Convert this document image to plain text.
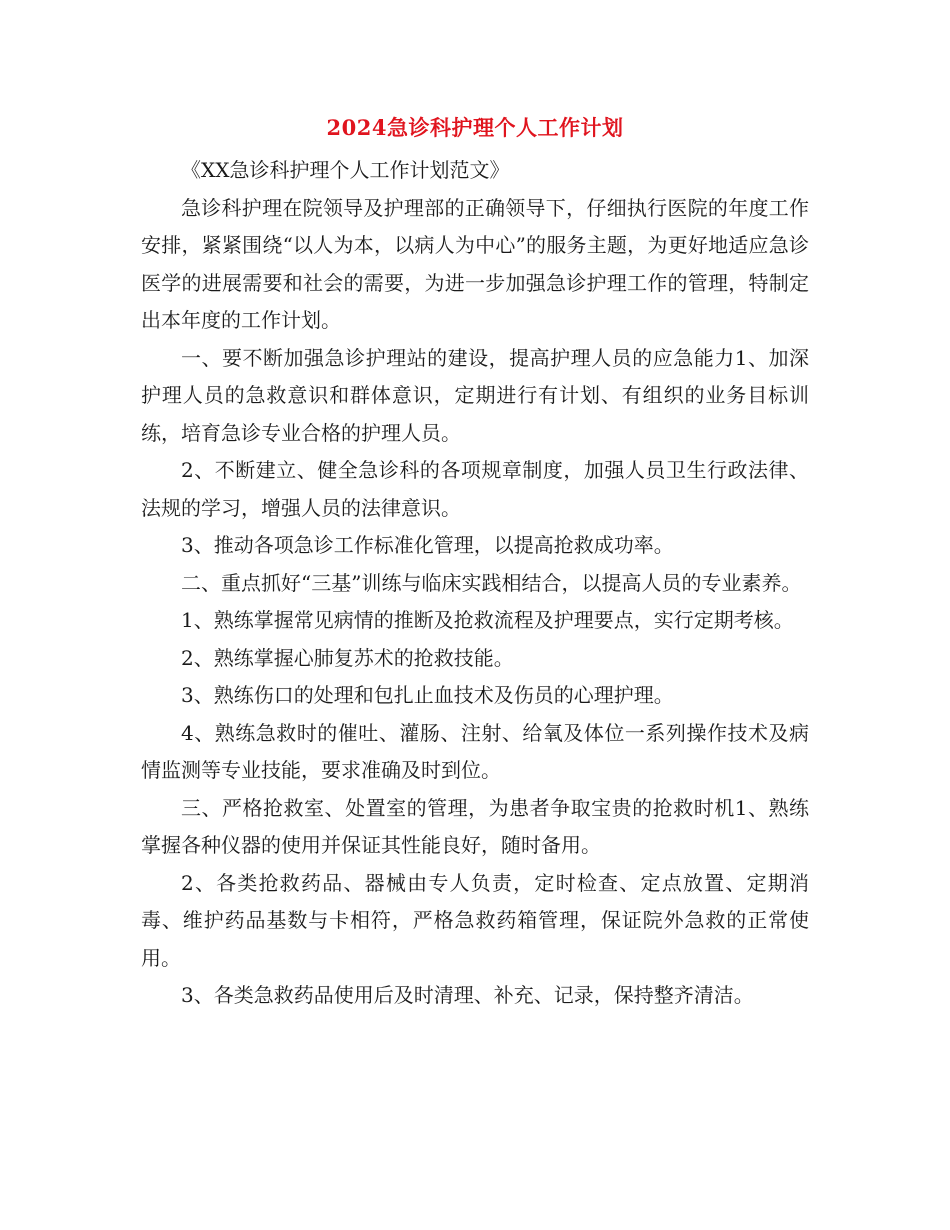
2024急诊科护理个人工作计划

《XX急诊科护理个人工作计划范文》

急诊科护理在院领导及护理部的正确领导下，仔细执行医院的年度工作安排，紧紧围绕“以人为本，以病人为中心”的服务主题，为更好地适应急诊医学的进展需要和社会的需要，为进一步加强急诊护理工作的管理，特制定出本年度的工作计划。

一、要不断加强急诊护理站的建设，提高护理人员的应急能力1、加深护理人员的急救意识和群体意识，定期进行有计划、有组织的业务目标训练，培育急诊专业合格的护理人员。

2、不断建立、健全急诊科的各项规章制度，加强人员卫生行政法律、法规的学习，增强人员的法律意识。

3、推动各项急诊工作标准化管理，以提高抢救成功率。

二、重点抓好“三基”训练与临床实践相结合，以提高人员的专业素养。

1、熟练掌握常见病情的推断及抢救流程及护理要点，实行定期考核。

2、熟练掌握心肺复苏术的抢救技能。

3、熟练伤口的处理和包扎止血技术及伤员的心理护理。

4、熟练急救时的催吐、灌肠、注射、给氧及体位一系列操作技术及病情监测等专业技能，要求准确及时到位。

三、严格抢救室、处置室的管理，为患者争取宝贵的抢救时机1、熟练掌握各种仪器的使用并保证其性能良好，随时备用。

2、各类抢救药品、器械由专人负责，定时检查、定点放置、定期消毒、维护药品基数与卡相符，严格急救药箱管理，保证院外急救的正常使用。

3、各类急救药品使用后及时清理、补充、记录，保持整齐清洁。
